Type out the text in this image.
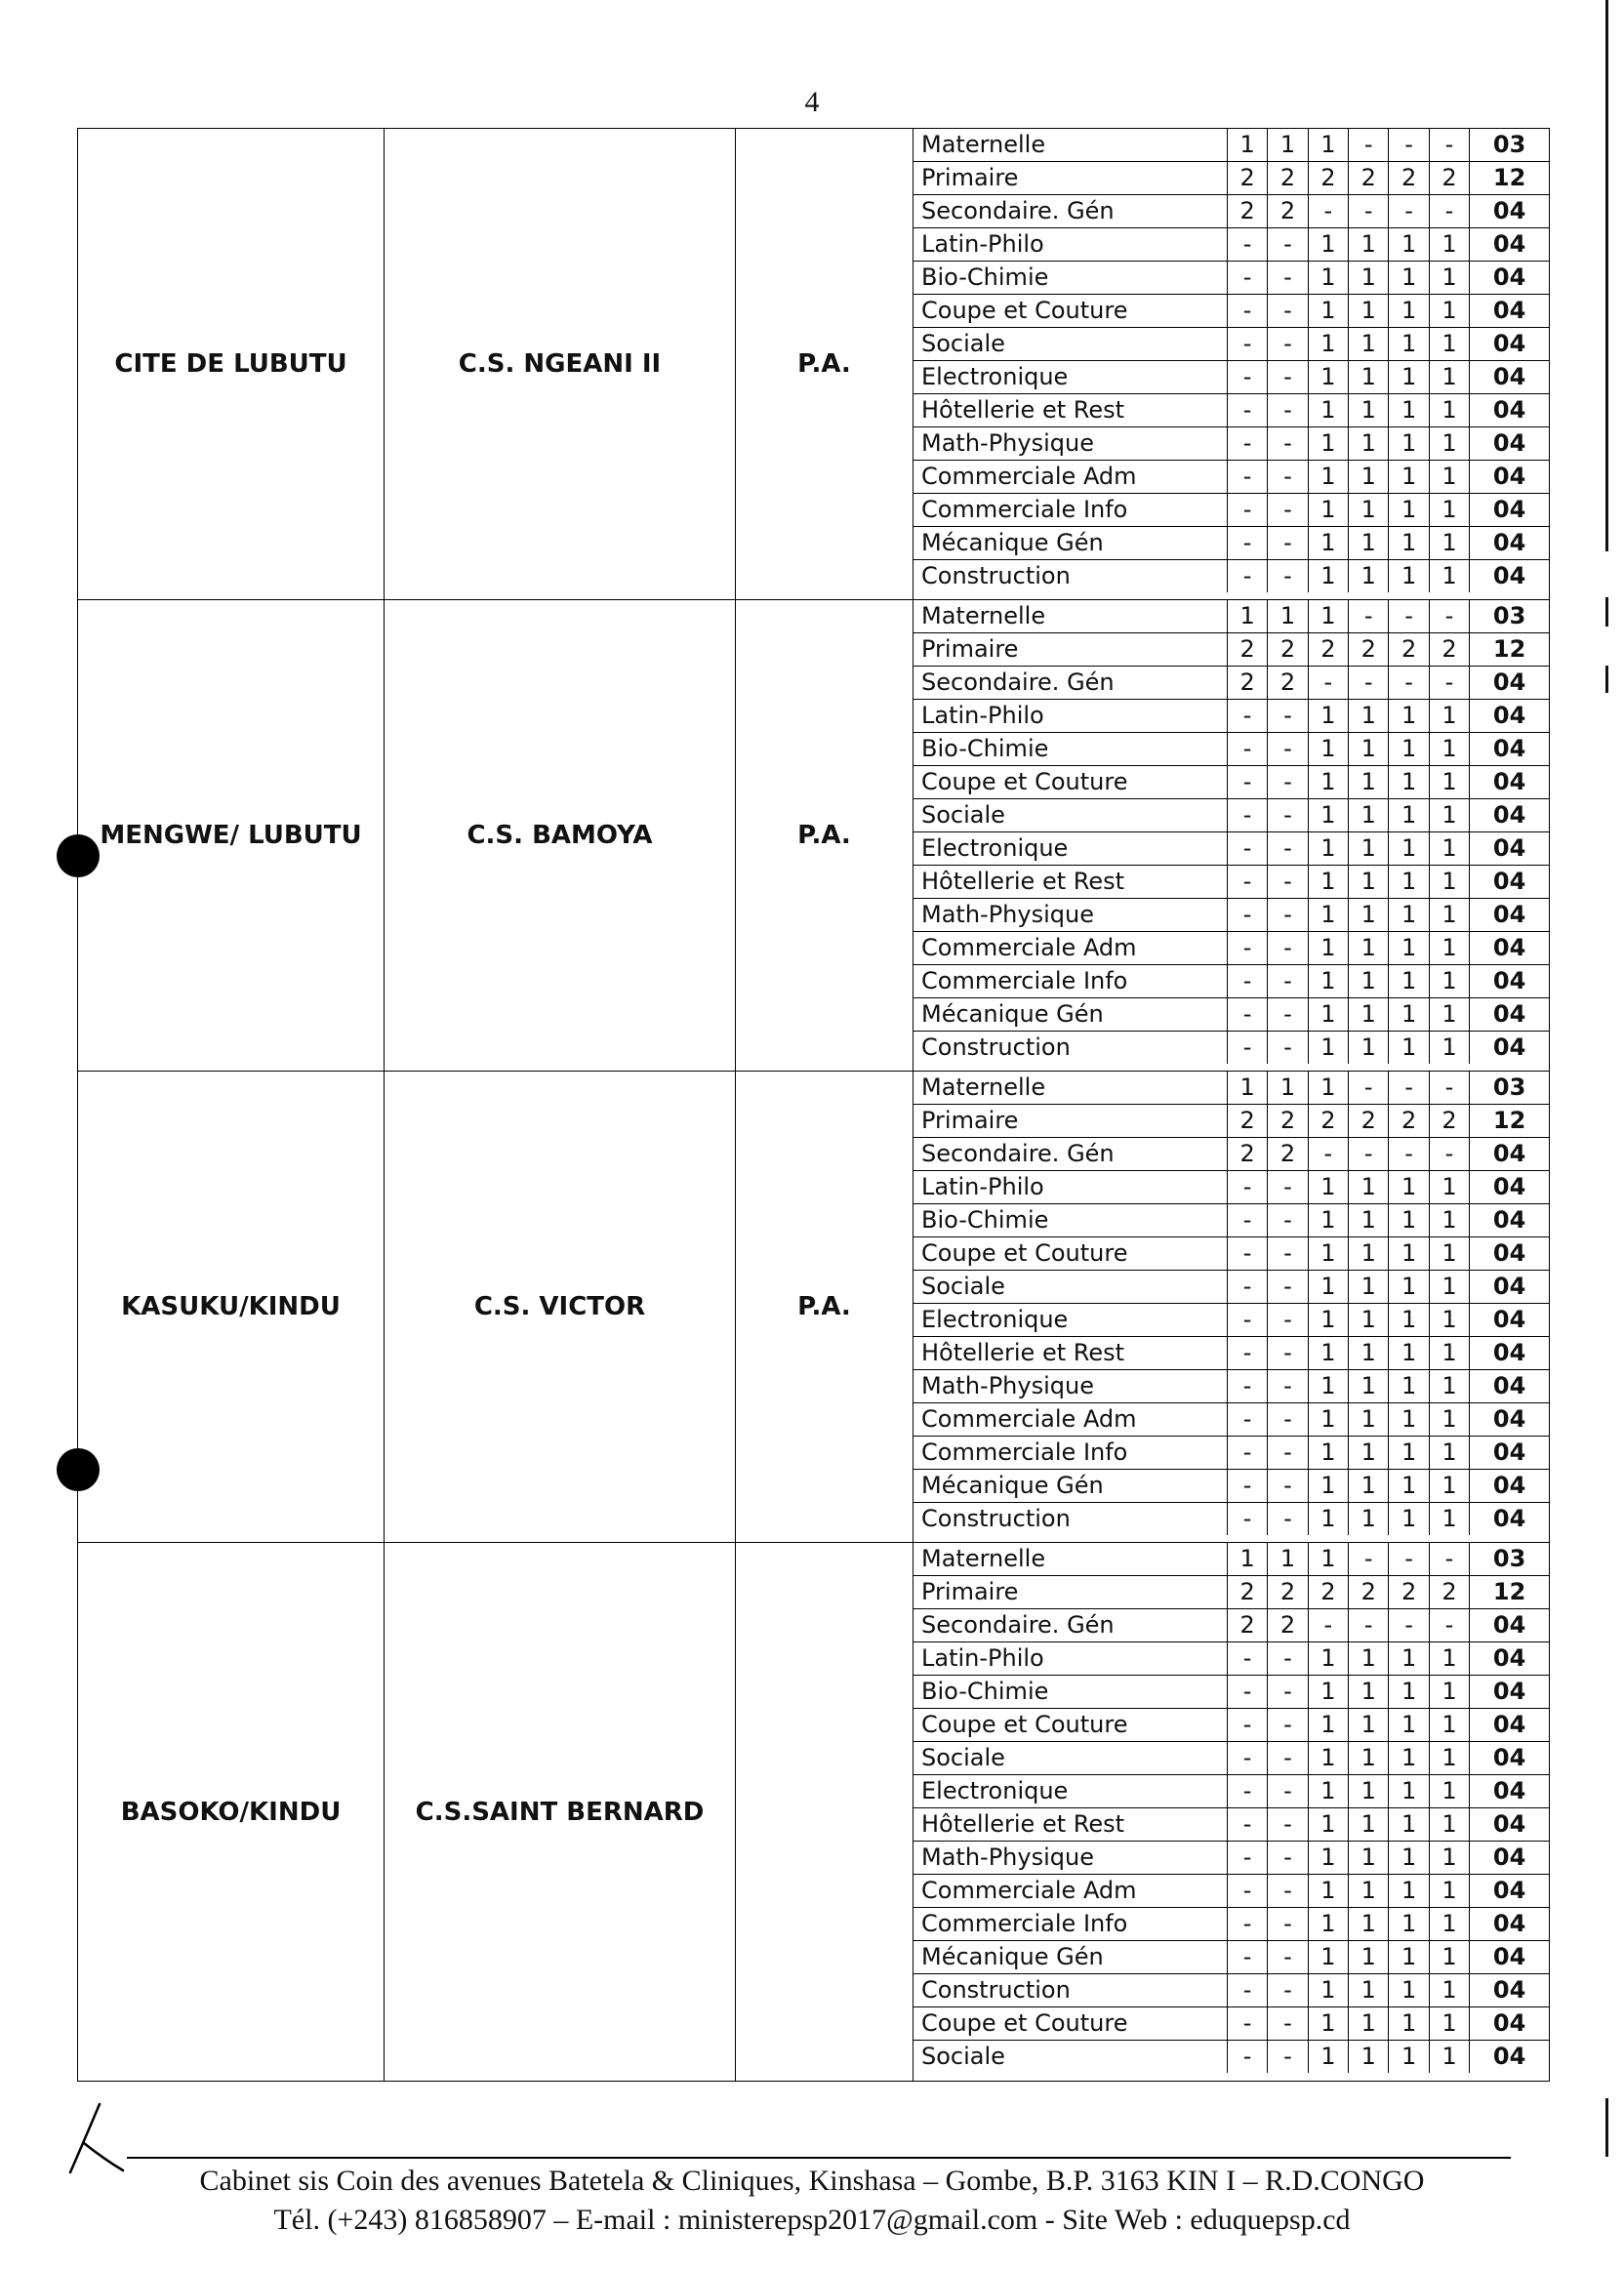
4
CITE DE LUBUTU	C.S. NGEANI II	P.A.

Maternelle	1	1	1	-	-	-	03
Primaire	2	2	2	2	2	2	12
Secondaire. Gén	2	2	-	-	-	-	04
Latin-Philo	-	-	1	1	1	1	04
Bio-Chimie	-	-	1	1	1	1	04
Coupe et Couture	-	-	1	1	1	1	04
Sociale	-	-	1	1	1	1	04
Electronique	-	-	1	1	1	1	04
Hôtellerie et Rest	-	-	1	1	1	1	04
Math-Physique	-	-	1	1	1	1	04
Commerciale Adm	-	-	1	1	1	1	04
Commerciale Info	-	-	1	1	1	1	04
Mécanique Gén	-	-	1	1	1	1	04
Construction	-	-	1	1	1	1	04

MENGWE/ LUBUTU	C.S. BAMOYA	P.A.

Maternelle	1	1	1	-	-	-	03
Primaire	2	2	2	2	2	2	12
Secondaire. Gén	2	2	-	-	-	-	04
Latin-Philo	-	-	1	1	1	1	04
Bio-Chimie	-	-	1	1	1	1	04
Coupe et Couture	-	-	1	1	1	1	04
Sociale	-	-	1	1	1	1	04
Electronique	-	-	1	1	1	1	04
Hôtellerie et Rest	-	-	1	1	1	1	04
Math-Physique	-	-	1	1	1	1	04
Commerciale Adm	-	-	1	1	1	1	04
Commerciale Info	-	-	1	1	1	1	04
Mécanique Gén	-	-	1	1	1	1	04
Construction	-	-	1	1	1	1	04

KASUKU/KINDU	C.S. VICTOR	P.A.

Maternelle	1	1	1	-	-	-	03
Primaire	2	2	2	2	2	2	12
Secondaire. Gén	2	2	-	-	-	-	04
Latin-Philo	-	-	1	1	1	1	04
Bio-Chimie	-	-	1	1	1	1	04
Coupe et Couture	-	-	1	1	1	1	04
Sociale	-	-	1	1	1	1	04
Electronique	-	-	1	1	1	1	04
Hôtellerie et Rest	-	-	1	1	1	1	04
Math-Physique	-	-	1	1	1	1	04
Commerciale Adm	-	-	1	1	1	1	04
Commerciale Info	-	-	1	1	1	1	04
Mécanique Gén	-	-	1	1	1	1	04
Construction	-	-	1	1	1	1	04

BASOKO/KINDU	C.S.SAINT BERNARD

Maternelle	1	1	1	-	-	-	03
Primaire	2	2	2	2	2	2	12
Secondaire. Gén	2	2	-	-	-	-	04
Latin-Philo	-	-	1	1	1	1	04
Bio-Chimie	-	-	1	1	1	1	04
Coupe et Couture	-	-	1	1	1	1	04
Sociale	-	-	1	1	1	1	04
Electronique	-	-	1	1	1	1	04
Hôtellerie et Rest	-	-	1	1	1	1	04
Math-Physique	-	-	1	1	1	1	04
Commerciale Adm	-	-	1	1	1	1	04
Commerciale Info	-	-	1	1	1	1	04
Mécanique Gén	-	-	1	1	1	1	04
Construction	-	-	1	1	1	1	04
Coupe et Couture	-	-	1	1	1	1	04
Sociale	-	-	1	1	1	1	04
Cabinet sis Coin des avenues Batetela & Cliniques, Kinshasa – Gombe, B.P. 3163 KIN I – R.D.CONGO
Tél. (+243) 816858907 – E-mail : ministerepsp2017@gmail.com - Site Web : eduquepsp.cd
